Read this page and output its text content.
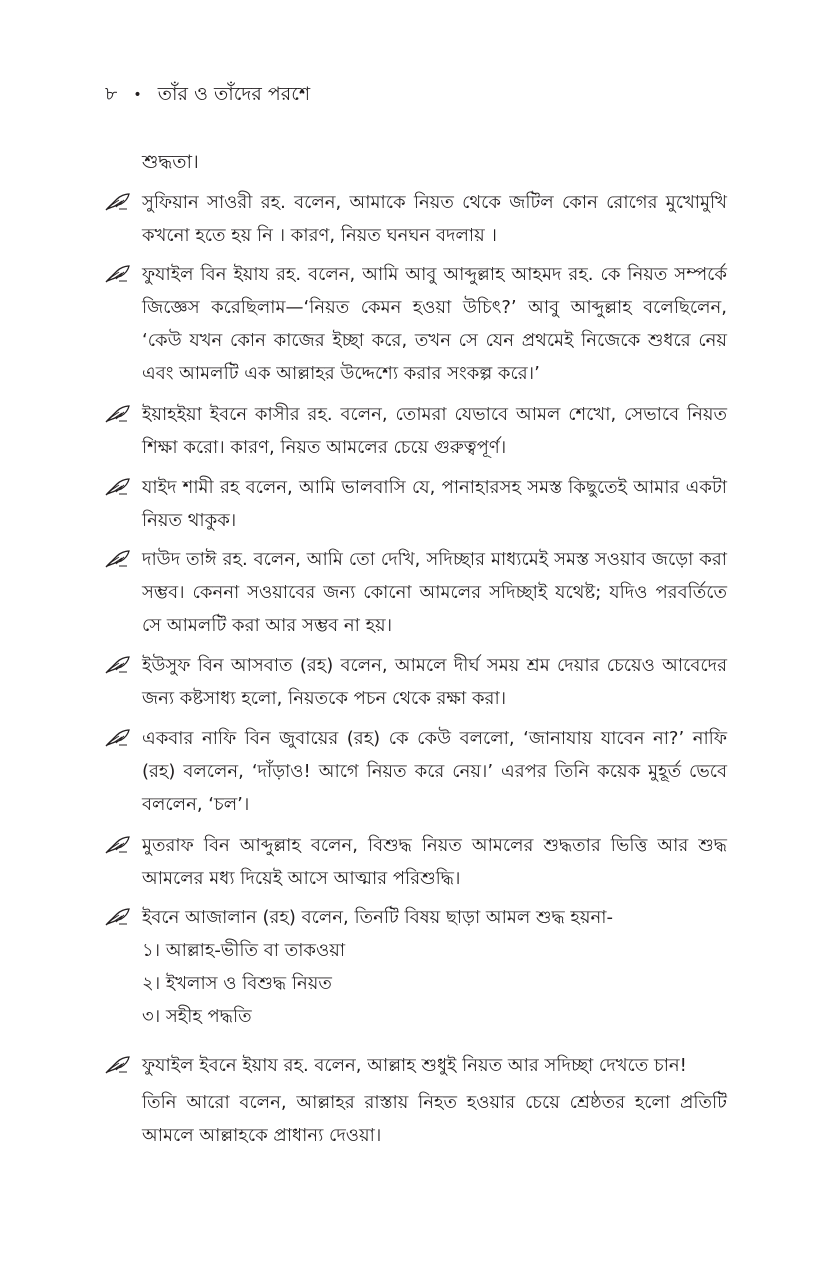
৮ • তাঁর ও তাঁদের পরশে
শুদ্ধতা।
সুফিয়ান সাওরী রহ. বলেন, আমাকে নিয়ত থেকে জটিল কোন রোগের মুখোমুখি কখনো হতে হয় নি । কারণ, নিয়ত ঘনঘন বদলায় ।
ফুযাইল বিন ইয়ায রহ. বলেন, আমি আবু আব্দুল্লাহ আহমদ রহ. কে নিয়ত সম্পর্কে জিজ্ঞেস করেছিলাম—‘নিয়ত কেমন হওয়া উচিৎ?’ আবু আব্দুল্লাহ বলেছিলেন, ‘কেউ যখন কোন কাজের ইচ্ছা করে, তখন সে যেন প্রথমেই নিজেকে শুধরে নেয় এবং আমলটি এক আল্লাহর উদ্দেশ্যে করার সংকল্প করে।’
ইয়াহইয়া ইবনে কাসীর রহ. বলেন, তোমরা যেভাবে আমল শেখো, সেভাবে নিয়ত শিক্ষা করো। কারণ, নিয়ত আমলের চেয়ে গুরুত্বপূর্ণ।
যাইদ শামী রহ বলেন, আমি ভালবাসি যে, পানাহারসহ সমস্ত কিছুতেই আমার একটা নিয়ত থাকুক।
দাউদ তাঈ রহ. বলেন, আমি তো দেখি, সদিচ্ছার মাধ্যমেই সমস্ত সওয়াব জড়ো করা সম্ভব। কেননা সওয়াবের জন্য কোনো আমলের সদিচ্ছাই যথেষ্ট; যদিও পরবর্তিতে সে আমলটি করা আর সম্ভব না হয়।
ইউসুফ বিন আসবাত (রহ) বলেন, আমলে দীর্ঘ সময় শ্রম দেয়ার চেয়েও আবেদের জন্য কষ্টসাধ্য হলো, নিয়তকে পচন থেকে রক্ষা করা।
একবার নাফি বিন জুবায়ের (রহ) কে কেউ বললো, ‘জানাযায় যাবেন না?’ নাফি (রহ) বললেন, ‘দাঁড়াও! আগে নিয়ত করে নেয়।’ এরপর তিনি কয়েক মুহূর্ত ভেবে বললেন, ‘চল’।
মুতরাফ বিন আব্দুল্লাহ বলেন, বিশুদ্ধ নিয়ত আমলের শুদ্ধতার ভিত্তি আর শুদ্ধ আমলের মধ্য দিয়েই আসে আত্মার পরিশুদ্ধি।
ইবনে আজালান (রহ) বলেন, তিনটি বিষয় ছাড়া আমল শুদ্ধ হয়না-
১। আল্লাহ-ভীতি বা তাকওয়া
২। ইখলাস ও বিশুদ্ধ নিয়ত
৩। সহীহ পদ্ধতি
ফুযাইল ইবনে ইয়ায রহ. বলেন, আল্লাহ শুধুই নিয়ত আর সদিচ্ছা দেখতে চান!
তিনি আরো বলেন, আল্লাহর রাস্তায় নিহত হওয়ার চেয়ে শ্রেষ্ঠতর হলো প্রতিটি আমলে আল্লাহকে প্রাধান্য দেওয়া।
